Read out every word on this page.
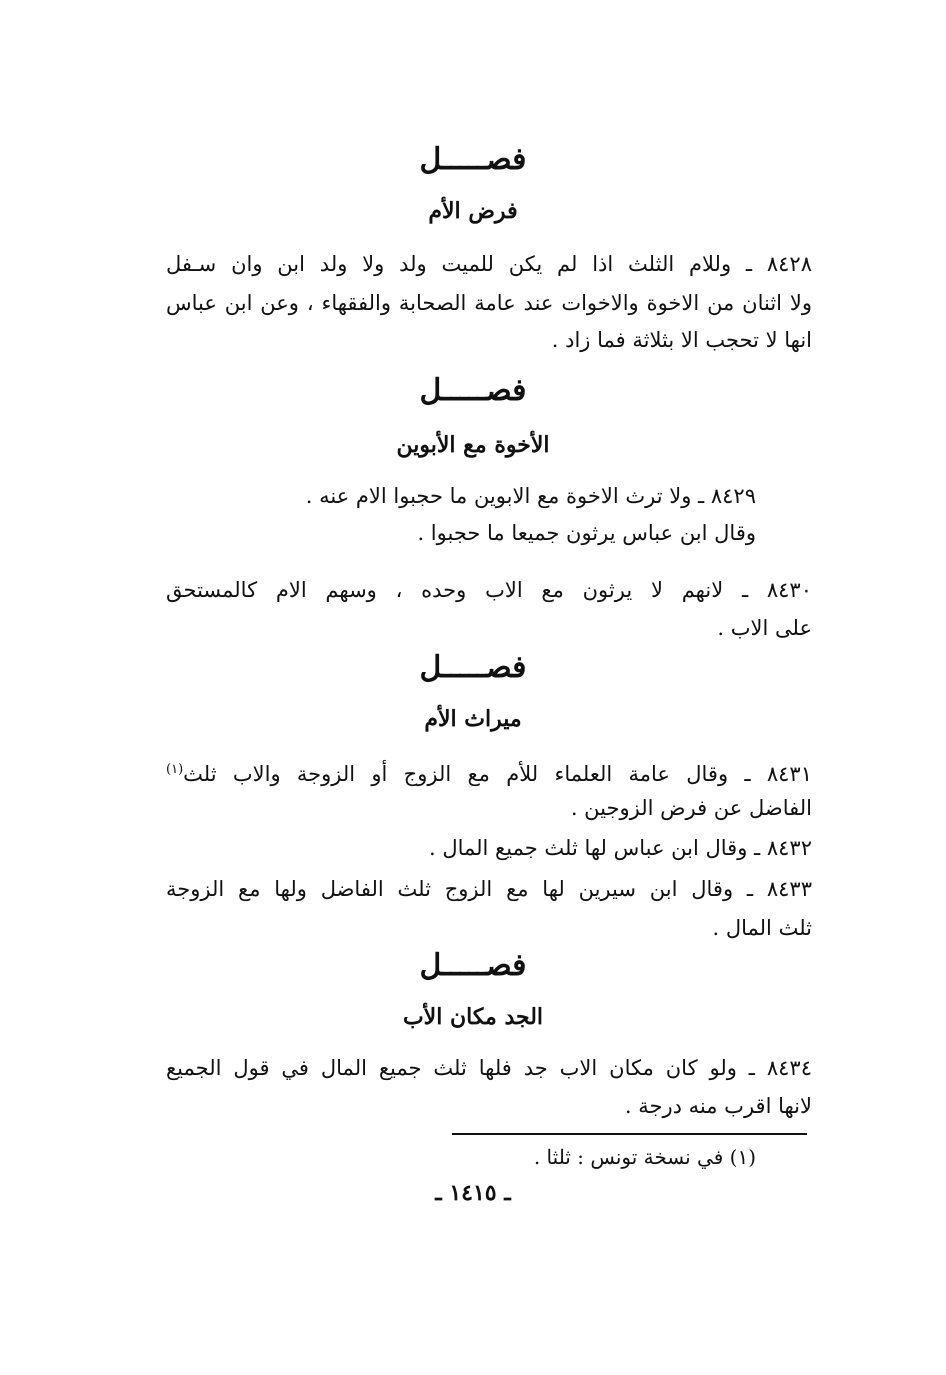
فصـــــل
فرض الأم
٨٤٢٨ ـ وللام الثلث اذا لم يكن للميت ولد ولا ولد ابن وان سـفل
ولا اثنان من الاخوة والاخوات عند عامة الصحابة والفقهاء ، وعن ابن عباس
انها لا تحجب الا بثلاثة فما زاد .
فصـــــل
الأخوة مع الأبوين
٨٤٢٩ ـ ولا ترث الاخوة مع الابوين ما حجبوا الام عنه .
وقال ابن عباس يرثون جميعا ما حجبوا .
٨٤٣٠ ـ لانهم لا يرثون مع الاب وحده ، وسهم الام كالمستحق
على الاب .
فصـــــل
ميراث الأم
٨٤٣١ ـ وقال عامة العلماء للأم مع الزوج أو الزوجة والاب ثلث$^{(١)}$
الفاضل عن فرض الزوجين .
٨٤٣٢ ـ وقال ابن عباس لها ثلث جميع المال .
٨٤٣٣ ـ وقال ابن سيرين لها مع الزوج ثلث الفاضل ولها مع الزوجة
ثلث المال .
فصـــــل
الجد مكان الأب
٨٤٣٤ ـ ولو كان مكان الاب جد فلها ثلث جميع المال في قول الجميع
لانها اقرب منه درجة .
(١) في نسخة تونس : ثلثا .
ـ ١٤١٥ ـ
